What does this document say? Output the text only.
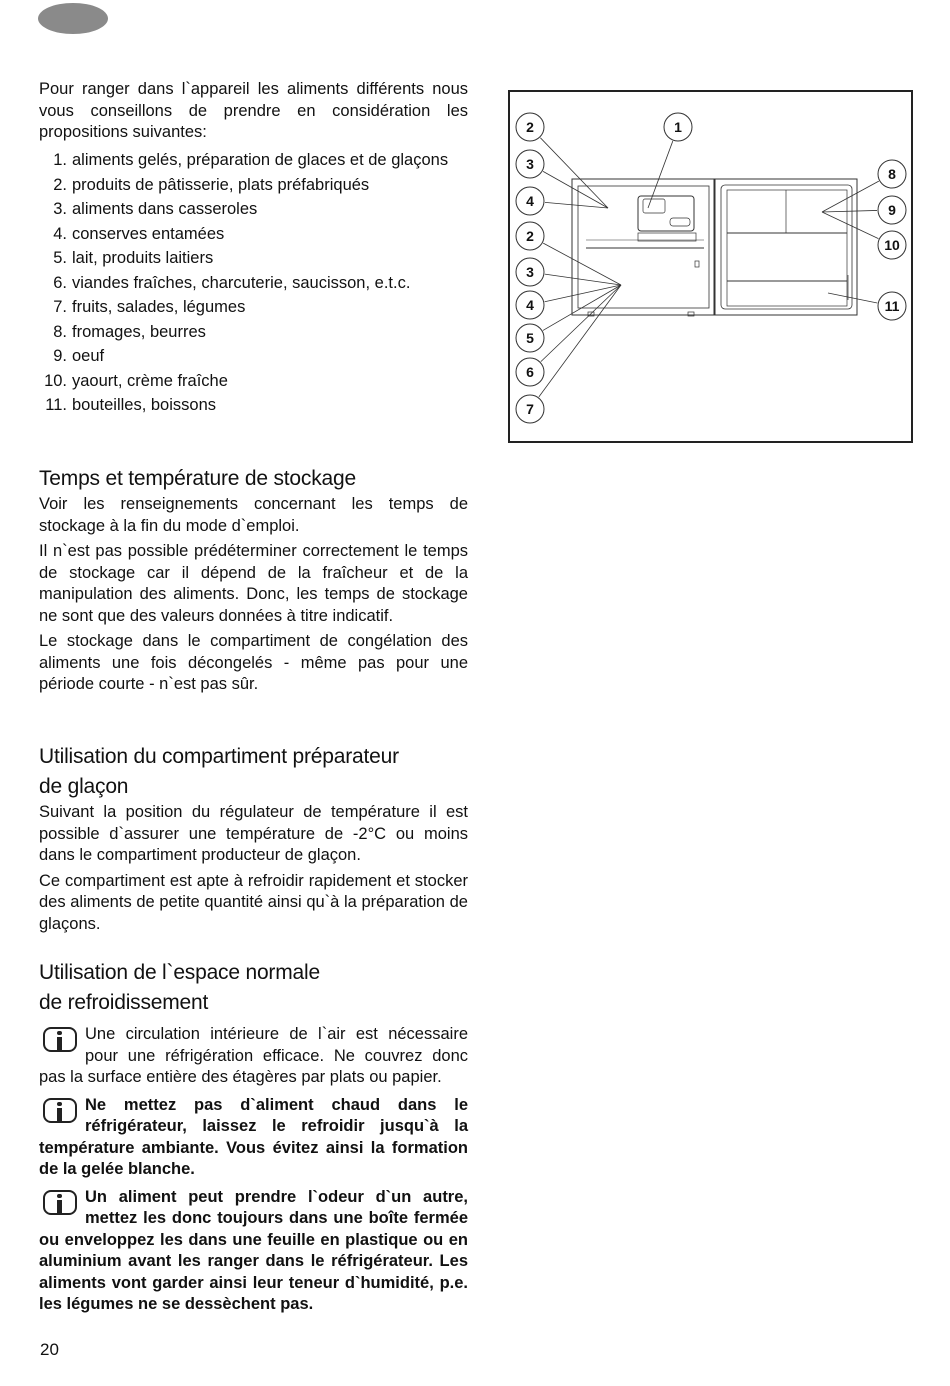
Pour ranger dans l`appareil les aliments différents nous vous conseillons de prendre en considération les propositions suivantes:

1. aliments gelés, préparation de glaces et de glaçons
2. produits de pâtisserie, plats préfabriqués
3. aliments dans casseroles
4. conserves entamées
5. lait, produits laitiers
6. viandes fraîches, charcuterie, saucisson, e.t.c.
7. fruits, salades, légumes
8. fromages, beurres
9. oeuf
10. yaourt, crème fraîche
11. bouteilles, boissons
Temps et température de stockage

Voir les renseignements concernant les temps de stockage à la fin du mode d`emploi.

Il n`est pas possible prédéterminer correctement le temps de stockage car il dépend de la fraîcheur et de la manipulation des aliments. Donc, les temps de stockage ne sont que des valeurs données à titre indicatif.

Le stockage dans le compartiment de congélation des aliments une fois décongelés - même pas pour une période courte - n`est pas sûr.

Utilisation du compartiment préparateur
de glaçon

Suivant la position du régulateur de température il est possible d`assurer une température de -2°C ou moins dans le compartiment producteur de glaçon.

Ce compartiment est apte à refroidir rapidement et stocker des aliments de petite quantité ainsi qu`à la préparation de glaçons.

Utilisation de l`espace normale
de refroidissement

Une circulation intérieure de l`air est nécessaire pour une réfrigération efficace. Ne couvrez donc pas la surface entière des étagères par plats ou papier.

Ne mettez pas d`aliment chaud dans le réfrigérateur, laissez le refroidir jusqu`à la température ambiante. Vous évitez ainsi la formation de la gelée blanche.

Un aliment peut prendre l`odeur d`un autre, mettez les donc toujours dans une boîte fermée ou enveloppez les dans une feuille en plastique ou en aluminium avant les ranger dans le réfrigérateur. Les aliments vont garder ainsi leur teneur d`humidité, p.e. les légumes ne se dessèchent pas.

20
1
2
3
4
2
3
4
5
6
7
8
9
10
11
